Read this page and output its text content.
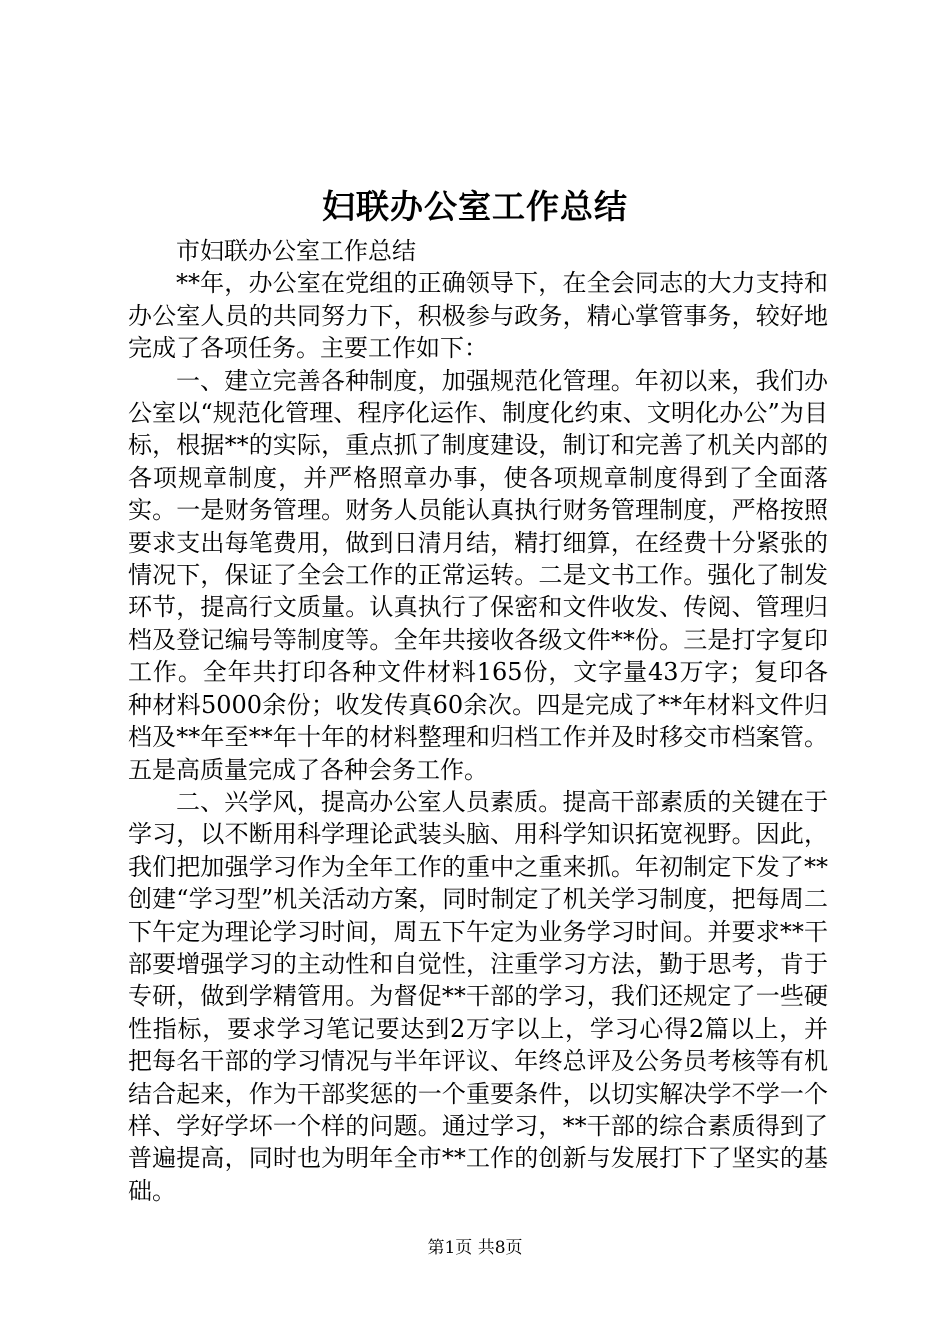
妇联办公室工作总结

市妇联办公室工作总结

**年，办公室在党组的正确领导下，在全会同志的大力支持和办公室人员的共同努力下，积极参与政务，精心掌管事务，较好地完成了各项任务。主要工作如下：

一、建立完善各种制度，加强规范化管理。年初以来，我们办公室以“规范化管理、程序化运作、制度化约束、文明化办公”为目标，根据**的实际，重点抓了制度建设，制订和完善了机关内部的各项规章制度，并严格照章办事，使各项规章制度得到了全面落实。一是财务管理。财务人员能认真执行财务管理制度，严格按照要求支出每笔费用，做到日清月结，精打细算，在经费十分紧张的情况下，保证了全会工作的正常运转。二是文书工作。强化了制发环节，提高行文质量。认真执行了保密和文件收发、传阅、管理归档及登记编号等制度等。全年共接收各级文件**份。三是打字复印工作。全年共打印各种文件材料165份，文字量43万字；复印各种材料5000余份；收发传真60余次。四是完成了**年材料文件归档及**年至**年十年的材料整理和归档工作并及时移交市档案管。五是高质量完成了各种会务工作。

二、兴学风，提高办公室人员素质。提高干部素质的关键在于学习，以不断用科学理论武装头脑、用科学知识拓宽视野。因此，我们把加强学习作为全年工作的重中之重来抓。年初制定下发了**创建“学习型”机关活动方案，同时制定了机关学习制度，把每周二下午定为理论学习时间，周五下午定为业务学习时间。并要求**干部要增强学习的主动性和自觉性，注重学习方法，勤于思考，肯于专研，做到学精管用。为督促**干部的学习，我们还规定了一些硬性指标，要求学习笔记要达到2万字以上，学习心得2篇以上，并把每名干部的学习情况与半年评议、年终总评及公务员考核等有机结合起来，作为干部奖惩的一个重要条件，以切实解决学不学一个样、学好学坏一个样的问题。通过学习，**干部的综合素质得到了普遍提高，同时也为明年全市**工作的创新与发展打下了坚实的基础。

第1页 共8页
